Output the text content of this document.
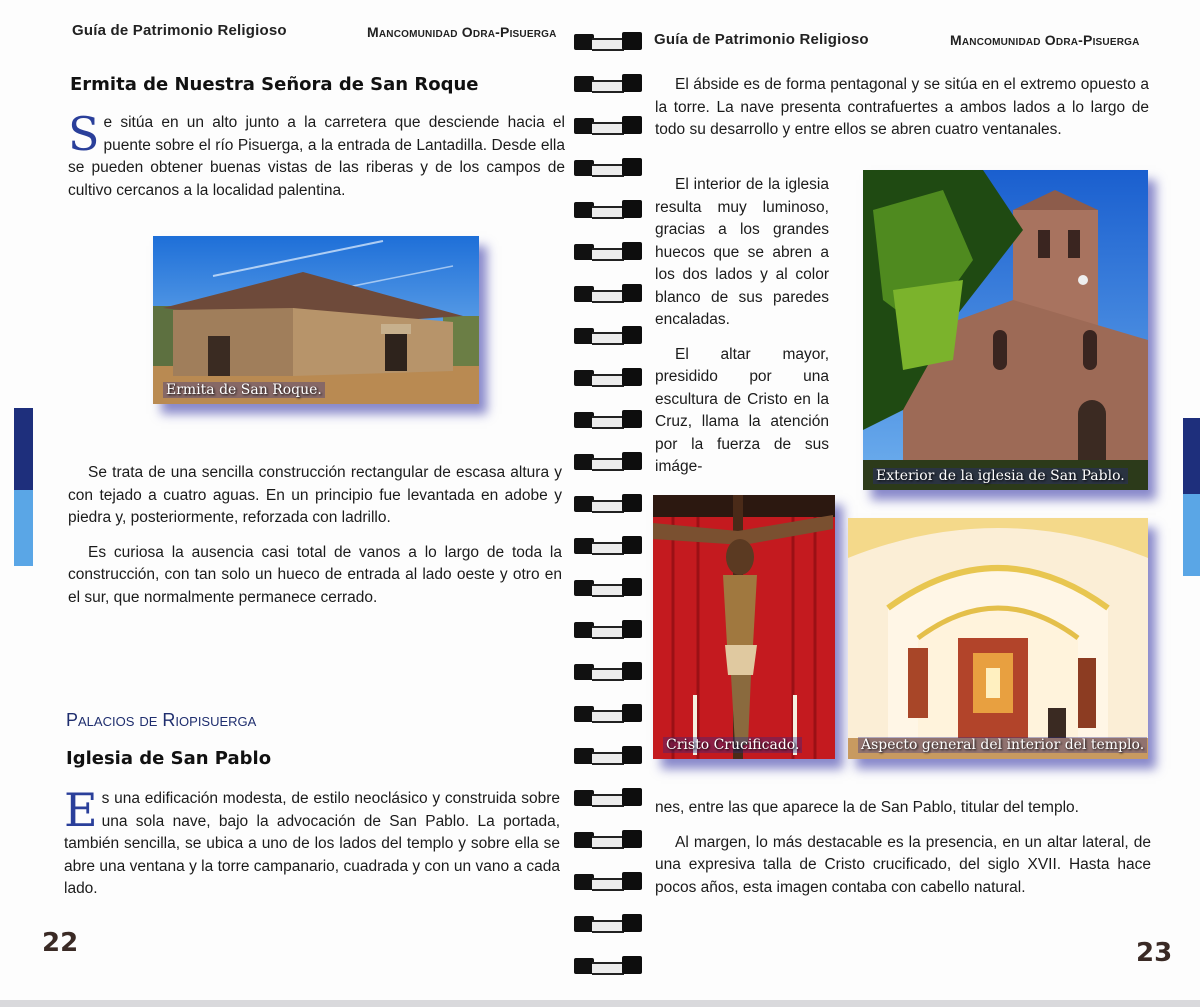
Guía de Patrimonio Religioso	Mancomunidad Odra-Pisuerga
Ermita de Nuestra Señora de San Roque

Se sitúa en un alto junto a la carretera que desciende hacia el puente sobre el río Pisuerga, a la entrada de Lantadilla. Desde ella se pueden obtener buenas vistas de las riberas y de los campos de cultivo cercanos a la localidad palentina.

Ermita de San Roque.

Se trata de una sencilla construcción rectangular de escasa altura y con tejado a cuatro aguas. En un principio fue levantada en adobe y piedra y, posteriormente, reforzada con ladrillo.

Es curiosa la ausencia casi total de vanos a lo largo de toda la construcción, con tan solo un hueco de entrada al lado oeste y otro en el sur, que normalmente permanece cerrado.

Palacios de Riopisuerga
Iglesia de San Pablo

Es una edificación modesta, de estilo neoclásico y construida sobre una sola nave, bajo la advocación de San Pablo. La portada, también sencilla, se ubica a uno de los lados del templo y sobre ella se abre una ventana y la torre campanario, cuadrada y con un vano a cada lado.

22
Guía de Patrimonio Religioso	Mancomunidad Odra-Pisuerga

El ábside es de forma pentagonal y se sitúa en el extremo opuesto a la torre. La nave presenta contrafuertes a ambos lados a lo largo de todo su desarrollo y entre ellos se abren cuatro ventanales.

El interior de la iglesia resulta muy luminoso, gracias a los grandes huecos que se abren a los dos lados y al color blanco de sus paredes encaladas.

El altar mayor, presidido por una escultura de Cristo en la Cruz, llama la atención por la fuerza de sus imáge-

Exterior de la iglesia de San Pablo.
Cristo Crucificado.	Aspecto general del interior del templo.

nes, entre las que aparece la de San Pablo, titular del templo.

Al margen, lo más destacable es la presencia, en un altar lateral, de una expresiva talla de Cristo crucificado, del siglo XVII. Hasta hace pocos años, esta imagen contaba con cabello natural.

23
